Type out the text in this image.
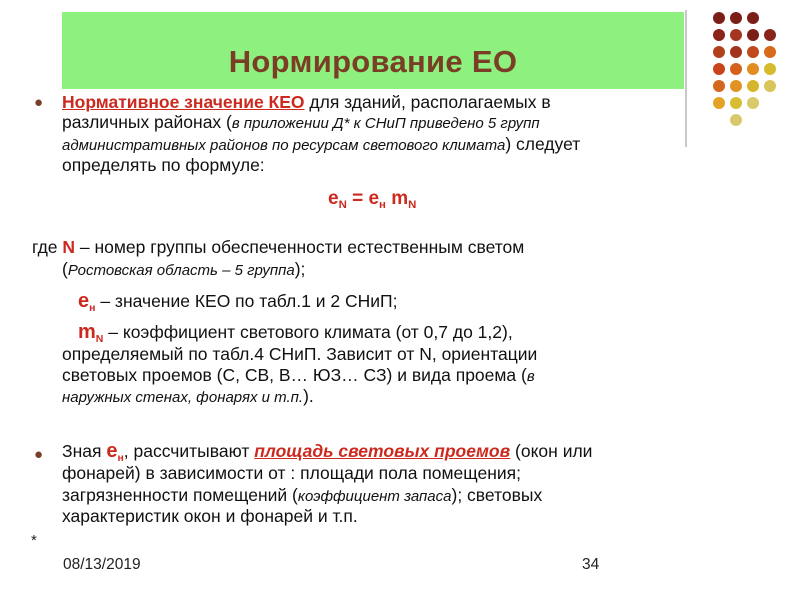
Нормирование ЕО
● Нормативное значение КЕО для зданий, располагаемых в
различных районах (в приложении Д* к СНиП приведено 5 групп
административных районов по ресурсам светового климата) следует
определять по формуле:
$e_N = e_н$ $m_N$
где N – номер группы обеспеченности естественным светом
(Ростовская область – 5 группа);
$e_н$ – значение КЕО по табл.1 и 2 СНиП;
$m_N$ – коэффициент светового климата (от 0,7 до 1,2),
определяемый по табл.4 СНиП. Зависит от N, ориентации
световых проемов (С, СВ, В… ЮЗ… СЗ) и вида проема (в
наружных стенах, фонарях и т.п.).
● Зная $e_н$, рассчитывают площадь световых проемов (окон или
фонарей) в зависимости от : площади пола помещения;
загрязненности помещений (коэффициент запаса); световых
характеристик окон и фонарей и т.п.
*
08/13/2019	34
